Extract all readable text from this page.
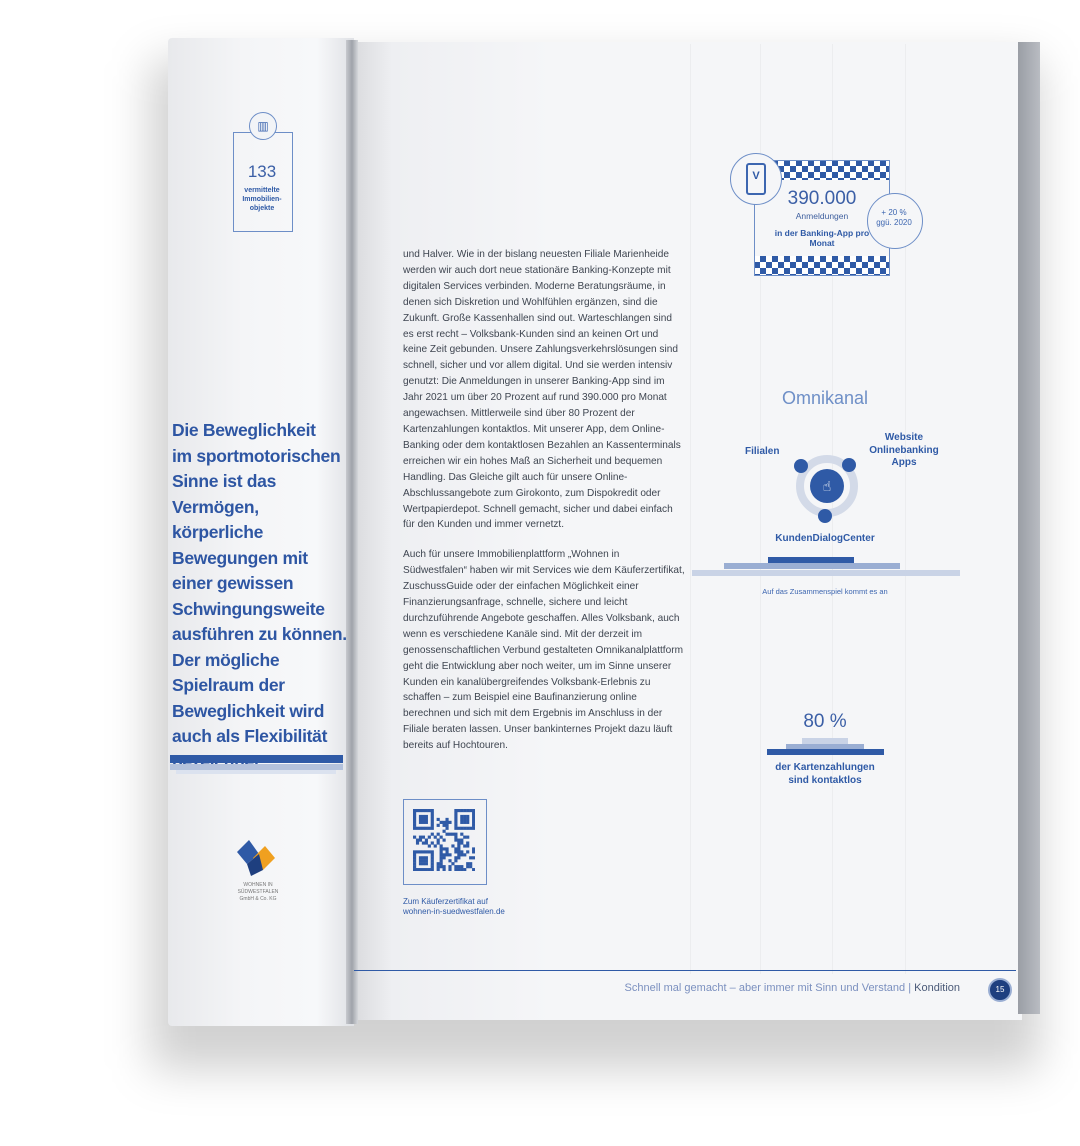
▥
133
vermittelte Immobilien-objekte
Die Beweglichkeit
im sportmotorischen
Sinne ist das
Vermögen, körperliche
Bewegungen mit
einer gewissen
Schwingungsweite
ausführen zu können.
Der mögliche
Spielraum der
Beweglichkeit wird
auch als Flexibilität
WOHNEN IN SÜDWESTFALEN
GmbH & Co. KG

und Halver. Wie in der bislang neuesten Filiale Marienheide werden wir auch dort neue stationäre Banking-Konzepte mit digitalen Services verbinden. Moderne Beratungsräume, in denen sich Diskretion und Wohlfühlen ergänzen, sind die Zukunft. Große Kassenhallen sind out. Warteschlangen sind es erst recht – Volksbank-Kunden sind an keinen Ort und keine Zeit gebunden. Unsere Zahlungsverkehrslösungen sind schnell, sicher und vor allem digital. Und sie werden intensiv genutzt: Die Anmeldungen in unserer Banking-App sind im Jahr 2021 um über 20 Prozent auf rund 390.000 pro Monat angewachsen. Mittlerweile sind über 80 Prozent der Kartenzahlungen kontaktlos. Mit unserer App, dem Online-Banking oder dem kontaktlosen Bezahlen an Kassenterminals erreichen wir ein hohes Maß an Sicherheit und bequemen Handling. Das Gleiche gilt auch für unsere Online-Abschlussangebote zum Girokonto, zum Dispokredit oder Wertpapierdepot. Schnell gemacht, sicher und dabei einfach für den Kunden und immer vernetzt.

Auch für unsere Immobilienplattform „Wohnen in Südwestfalen“ haben wir mit Services wie dem Käuferzertifikat, ZuschussGuide oder der einfachen Möglichkeit einer Finanzierungsanfrage, schnelle, sichere und leicht durchzuführende Angebote geschaffen. Alles Volksbank, auch wenn es verschiedene Kanäle sind. Mit der derzeit im genossenschaftlichen Verbund gestalteten Omnikanalplattform geht die Entwicklung aber noch weiter, um im Sinne unserer Kunden ein kanalübergreifendes Volksbank-Erlebnis zu schaffen – zum Beispiel eine Baufinanzierung online berechnen und sich mit dem Ergebnis im Anschluss in der Filiale beraten lassen. Unser bankinternes Projekt dazu läuft bereits auf Hochtouren.

Zum Käuferzertifikat auf
wohnen-in-suedwestfalen.de
V
390.000
Anmeldungen
in der Banking-App pro Monat
+ 20 %
ggü. 2020
Omnikanal
Filialen
Website
Onlinebanking
Apps
☝
KundenDialogCenter
Auf das Zusammenspiel kommt es an
80 %
der Kartenzahlungen
sind kontaktlos
Schnell mal gemacht – aber immer mit Sinn und Verstand | Kondition	15
